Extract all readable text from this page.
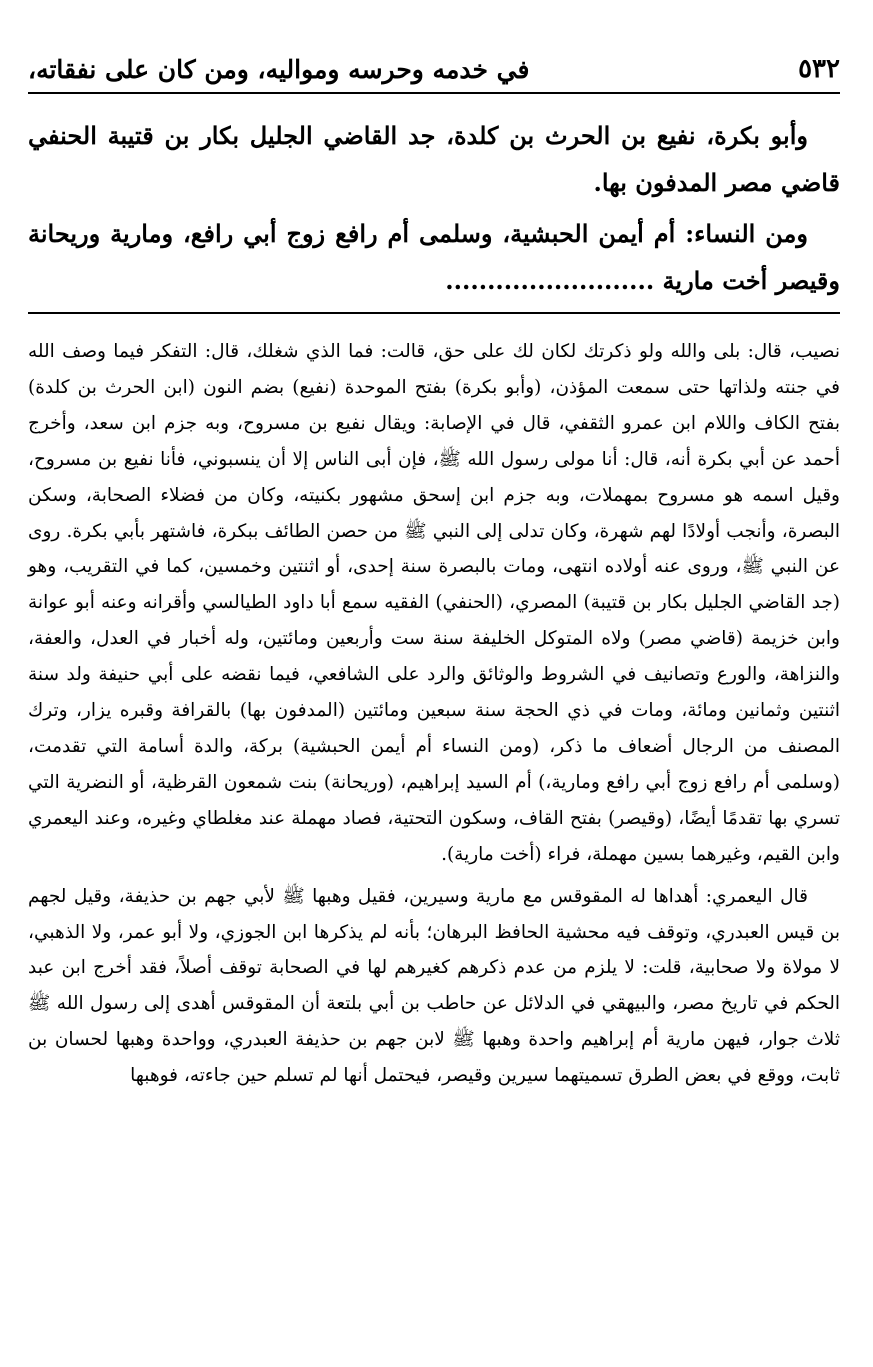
٥٣٢
في خدمه وحرسه ومواليه، ومن كان على نفقاته،

وأبو بكرة، نفيع بن الحرث بن كلدة، جد القاضي الجليل بكار بن قتيبة الحنفي قاضي مصر المدفون بها.

ومن النساء: أم أيمن الحبشية، وسلمى أم رافع زوج أبي رافع، ومارية وريحانة وقيصر أخت مارية .........................

نصيب، قال: بلى والله ولو ذكرتك لكان لك على حق، قالت: فما الذي شغلك، قال: التفكر فيما وصف الله في جنته ولذاتها حتى سمعت المؤذن، (وأبو بكرة) بفتح الموحدة (نفيع) بضم النون (ابن الحرث بن كلدة) بفتح الكاف واللام ابن عمرو الثقفي، قال في الإصابة: ويقال نفيع بن مسروح، وبه جزم ابن سعد، وأخرج أحمد عن أبي بكرة أنه، قال: أنا مولى رسول الله ﷺ، فإن أبى الناس إلا أن ينسبوني، فأنا نفيع بن مسروح، وقيل اسمه هو مسروح بمهملات، وبه جزم ابن إسحق مشهور بكنيته، وكان من فضلاء الصحابة، وسكن البصرة، وأنجب أولادًا لهم شهرة، وكان تدلى إلى النبي ﷺ من حصن الطائف ببكرة، فاشتهر بأبي بكرة. روى عن النبي ﷺ، وروى عنه أولاده انتهى، ومات بالبصرة سنة إحدى، أو اثنتين وخمسين، كما في التقريب، وهو (جد القاضي الجليل بكار بن قتيبة) المصري، (الحنفي) الفقيه سمع أبا داود الطيالسي وأقرانه وعنه أبو عوانة وابن خزيمة (قاضي مصر) ولاه المتوكل الخليفة سنة ست وأربعين ومائتين، وله أخبار في العدل، والعفة، والنزاهة، والورع وتصانيف في الشروط والوثائق والرد على الشافعي، فيما نقضه على أبي حنيفة ولد سنة اثنتين وثمانين ومائة، ومات في ذي الحجة سنة سبعين ومائتين (المدفون بها) بالقرافة وقبره يزار، وترك المصنف من الرجال أضعاف ما ذكر، (ومن النساء أم أيمن الحبشية) بركة، والدة أسامة التي تقدمت، (وسلمى أم رافع زوج أبي رافع ومارية،) أم السيد إبراهيم، (وريحانة) بنت شمعون القرظية، أو النضرية التي تسري بها تقدمًا أيضًا، (وقيصر) بفتح القاف، وسكون التحتية، فصاد مهملة عند مغلطاي وغيره، وعند اليعمري وابن القيم، وغيرهما بسين مهملة، فراء (أخت مارية).

قال اليعمري: أهداها له المقوقس مع مارية وسيرين، فقيل وهبها ﷺ لأبي جهم بن حذيفة، وقيل لجهم بن قيس العبدري، وتوقف فيه محشية الحافظ البرهان؛ بأنه لم يذكرها ابن الجوزي، ولا أبو عمر، ولا الذهبي، لا مولاة ولا صحابية، قلت: لا يلزم من عدم ذكرهم كغيرهم لها في الصحابة توقف أصلاً، فقد أخرج ابن عبد الحكم في تاريخ مصر، والبيهقي في الدلائل عن حاطب بن أبي بلتعة أن المقوقس أهدى إلى رسول الله ﷺ ثلاث جوار، فيهن مارية أم إبراهيم واحدة وهبها ﷺ لابن جهم بن حذيفة العبدري، وواحدة وهبها لحسان بن ثابت، ووقع في بعض الطرق تسميتهما سيرين وقيصر، فيحتمل أنها لم تسلم حين جاءته، فوهبها
